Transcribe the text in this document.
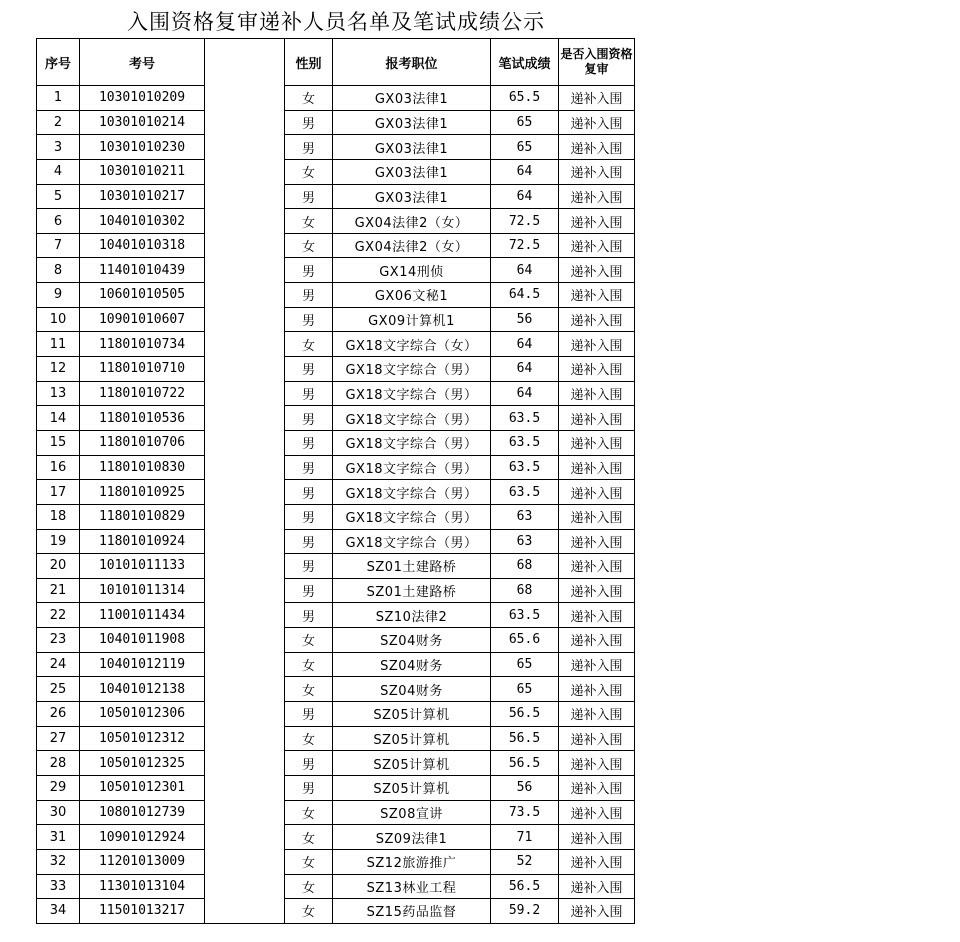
入围资格复审递补人员名单及笔试成绩公示
序号	考号		性别	报考职位	笔试成绩	是否入围资格复审
1	10301010209		女	GX03法律1	65.5	递补入围
2	10301010214		男	GX03法律1	65	递补入围
3	10301010230		男	GX03法律1	65	递补入围
4	10301010211		女	GX03法律1	64	递补入围
5	10301010217		男	GX03法律1	64	递补入围
6	10401010302		女	GX04法律2（女）	72.5	递补入围
7	10401010318		女	GX04法律2（女）	72.5	递补入围
8	11401010439		男	GX14刑侦	64	递补入围
9	10601010505		男	GX06文秘1	64.5	递补入围
10	10901010607		男	GX09计算机1	56	递补入围
11	11801010734		女	GX18文字综合（女）	64	递补入围
12	11801010710		男	GX18文字综合（男）	64	递补入围
13	11801010722		男	GX18文字综合（男）	64	递补入围
14	11801010536		男	GX18文字综合（男）	63.5	递补入围
15	11801010706		男	GX18文字综合（男）	63.5	递补入围
16	11801010830		男	GX18文字综合（男）	63.5	递补入围
17	11801010925		男	GX18文字综合（男）	63.5	递补入围
18	11801010829		男	GX18文字综合（男）	63	递补入围
19	11801010924		男	GX18文字综合（男）	63	递补入围
20	10101011133		男	SZ01土建路桥	68	递补入围
21	10101011314		男	SZ01土建路桥	68	递补入围
22	11001011434		男	SZ10法律2	63.5	递补入围
23	10401011908		女	SZ04财务	65.6	递补入围
24	10401012119		女	SZ04财务	65	递补入围
25	10401012138		女	SZ04财务	65	递补入围
26	10501012306		男	SZ05计算机	56.5	递补入围
27	10501012312		女	SZ05计算机	56.5	递补入围
28	10501012325		男	SZ05计算机	56.5	递补入围
29	10501012301		男	SZ05计算机	56	递补入围
30	10801012739		女	SZ08宣讲	73.5	递补入围
31	10901012924		女	SZ09法律1	71	递补入围
32	11201013009		女	SZ12旅游推广	52	递补入围
33	11301013104		女	SZ13林业工程	56.5	递补入围
34	11501013217		女	SZ15药品监督	59.2	递补入围
